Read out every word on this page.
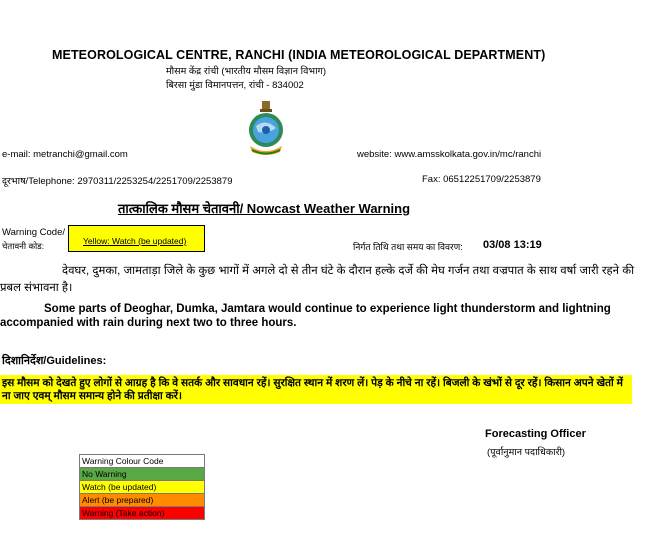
METEOROLOGICAL CENTRE, RANCHI (INDIA METEOROLOGICAL DEPARTMENT)
मौसम केंद्र रांची (भारतीय मौसम विज्ञान विभाग)
बिरसा मुंडा विमानपत्तन, रांची - 834002
e-mail: metranchi@gmail.com	website: www.amsskolkata.gov.in/mc/ranchi
दूरभाष/Telephone: 2970311/2253254/2251709/2253879	Fax: 06512251709/2253879
तात्कालिक मौसम चेतावनी/ Nowcast Weather Warning
Warning Code/
चेतावनी कोड:	Yellow: Watch (be updated)
निर्गत तिथि तथा समय का विवरण: 03/08 13:19
देवघर, दुमका, जामताड़ा जिले के कुछ भागों में अगले दो से तीन घंटे के दौरान हल्के दर्जे की मेघ गर्जन तथा वज्रपात के साथ वर्षा जारी रहने की प्रबल संभावना है।
Some parts of Deoghar, Dumka, Jamtara would continue to experience light thunderstorm and lightning accompanied with rain during next two to three hours.
दिशानिर्देश/Guidelines:
इस मौसम को देखते हुए लोगों से आग्रह है कि वे सतर्क और सावधान रहें। सुरक्षित स्थान में शरण लें। पेड़ के नीचे ना रहें। बिजली के खंभों से दूर रहें। किसान अपने खेतों में ना जाए एवम् मौसम समान्य होने की प्रतीक्षा करें।
Forecasting Officer
(पूर्वानुमान पदाधिकारी)
Warning Colour Code
No Warning
Watch (be updated)
Alert (be prepared)
Warning (Take action)
